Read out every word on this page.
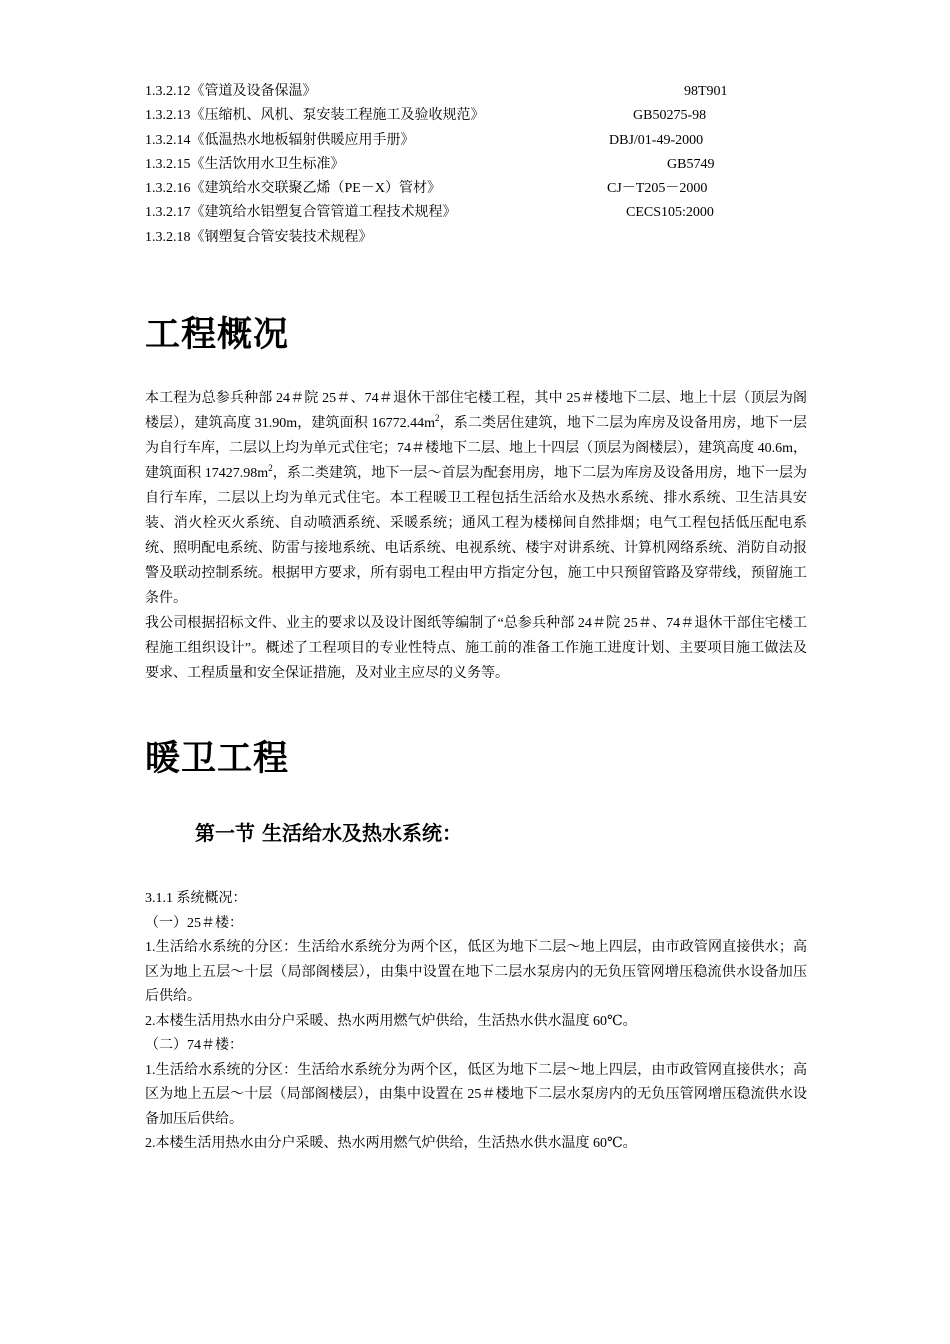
1.3.2.12《管道及设备保温》	98T901
1.3.2.13《压缩机、风机、泵安装工程施工及验收规范》	GB50275-98
1.3.2.14《低温热水地板辐射供暖应用手册》	DBJ/01-49-2000
1.3.2.15《生活饮用水卫生标准》	GB5749
1.3.2.16《建筑给水交联聚乙烯（PE－X）管材》	CJ－T205－2000
1.3.2.17《建筑给水铝塑复合管管道工程技术规程》	CECS105:2000
1.3.2.18《钢塑复合管安装技术规程》
工程概况

本工程为总参兵种部 24＃院 25＃、74＃退休干部住宅楼工程，其中 25＃楼地下二层、地上十层（顶层为阁楼层），建筑高度 31.90m，建筑面积 $16772.44m^2$，系二类居住建筑，地下二层为库房及设备用房，地下一层为自行车库，二层以上均为单元式住宅；74＃楼地下二层、地上十四层（顶层为阁楼层），建筑高度 40.6m，建筑面积 $17427.98m^2$，系二类建筑，地下一层～首层为配套用房，地下二层为库房及设备用房，地下一层为自行车库，二层以上均为单元式住宅。本工程暖卫工程包括生活给水及热水系统、排水系统、卫生洁具安装、消火栓灭火系统、自动喷洒系统、采暖系统；通风工程为楼梯间自然排烟；电气工程包括低压配电系统、照明配电系统、防雷与接地系统、电话系统、电视系统、楼宇对讲系统、计算机网络系统、消防自动报警及联动控制系统。根据甲方要求，所有弱电工程由甲方指定分包，施工中只预留管路及穿带线，预留施工条件。

我公司根据招标文件、业主的要求以及设计图纸等编制了“总参兵种部 24＃院 25＃、74＃退休干部住宅楼工程施工组织设计”。概述了工程项目的专业性特点、施工前的准备工作施工进度计划、主要项目施工做法及要求、工程质量和安全保证措施，及对业主应尽的义务等。

暖卫工程
第一节 生活给水及热水系统：

3.1.1 系统概况：

（一）25＃楼：

1.生活给水系统的分区：生活给水系统分为两个区，低区为地下二层～地上四层，由市政管网直接供水；高区为地上五层～十层（局部阁楼层），由集中设置在地下二层水泵房内的无负压管网增压稳流供水设备加压后供给。

2.本楼生活用热水由分户采暖、热水两用燃气炉供给，生活热水供水温度 60℃。

（二）74＃楼：

1.生活给水系统的分区：生活给水系统分为两个区，低区为地下二层～地上四层，由市政管网直接供水；高区为地上五层～十层（局部阁楼层），由集中设置在 25＃楼地下二层水泵房内的无负压管网增压稳流供水设备加压后供给。

2.本楼生活用热水由分户采暖、热水两用燃气炉供给，生活热水供水温度 60℃。
